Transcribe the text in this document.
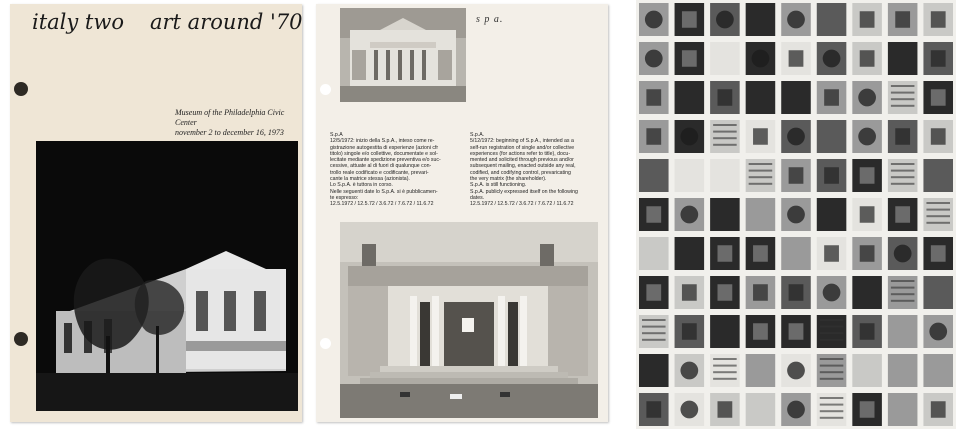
italy two art around '70
Museum of the Philadelphia Civic
Center
november 2 to december 16, 1973
s p a.
S.p.A
12/5/1972: inizio della S.p.A., inteso come re-
gistrazione autogestita di esperienze (azioni cfr
titolo) singole e/o collettive, documentate e sol-
lecitate mediante spedizione preventiva e/o suc-
cessive, attuate al di fuori di qualunque con-
trollo reale codificato e codificante, prevari-
cante la matrice stessa (azionista).
Lo S.p.A. è tuttora in corso.
Nelle seguenti date lo S.p.A. si è pubblicamen-
te espresso:
12.5.1972 / 12.5.72 / 3.6.72 / 7.6.72 / 11.6.72
S.p.A.
5/12/1972: beginning of S.p.A., intended as a
self-run registration of single and/or collective
experiences (for actions refer to title), docu-
mented and solicited through previous and/or
subsequent mailing, enacted outside any real,
codified, and codifying control, prevaricating
the very matrix (the shareholder).
S.p.A. is still functioning.
S.p.A. publicly expressed itself on the following
dates.
12.5.1972 / 12.5.72 / 3.6.72 / 7.6.72 / 11.6.72
